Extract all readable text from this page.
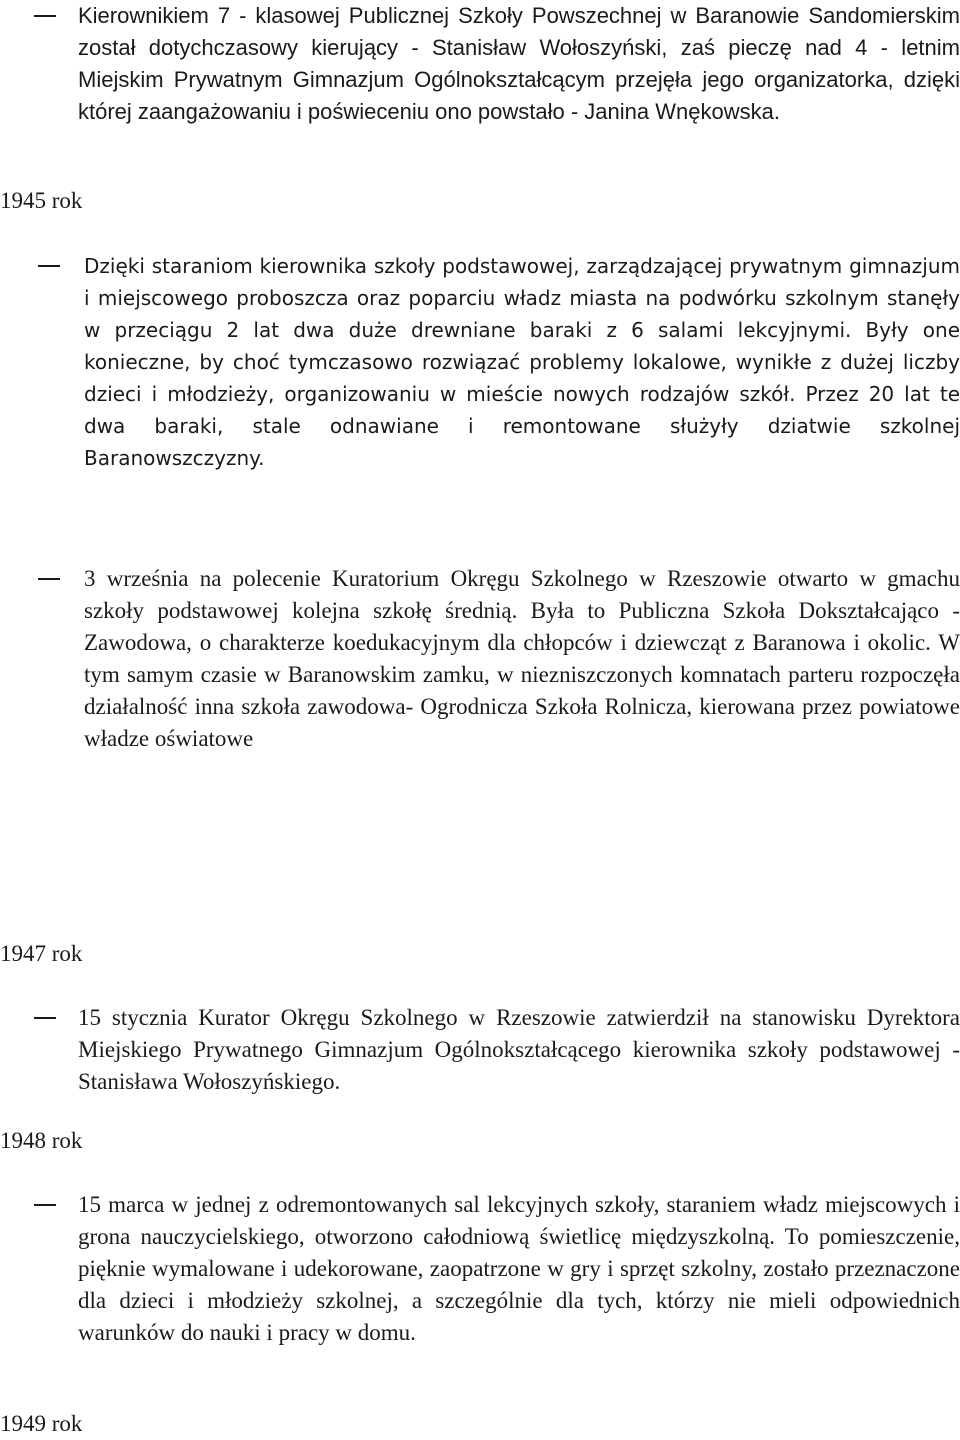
Kierownikiem 7 - klasowej Publicznej Szkoły Powszechnej w Baranowie Sandomierskim został dotychczasowy kierujący - Stanisław Wołoszyński, zaś pieczę nad 4 - letnim Miejskim Prywatnym Gimnazjum Ogólnokształcącym przejęła jego organizatorka, dzięki której zaangażowaniu i poświeceniu ono powstało - Janina Wnękowska.
1945 rok
Dzięki staraniom kierownika szkoły podstawowej, zarządzającej prywatnym gimnazjum i miejscowego proboszcza oraz poparciu władz miasta na podwórku szkolnym stanęły w przeciągu 2 lat dwa duże drewniane baraki z 6 salami lekcyjnymi. Były one konieczne, by choć tymczasowo rozwiązać problemy lokalowe, wynikłe z dużej liczby dzieci i młodzieży, organizowaniu w mieście nowych rodzajów szkół. Przez 20 lat te dwa baraki, stale odnawiane i remontowane służyły dziatwie szkolnej Baranowszczyzny.
3 września na polecenie Kuratorium Okręgu Szkolnego w Rzeszowie otwarto w gmachu szkoły podstawowej kolejna szkołę średnią. Była to Publiczna Szkoła Dokształcająco - Zawodowa, o charakterze koedukacyjnym dla chłopców i dziewcząt z Baranowa i okolic. W tym samym czasie w Baranowskim zamku, w niezniszczonych komnatach parteru rozpoczęła działalność inna szkoła zawodowa- Ogrodnicza Szkoła Rolnicza, kierowana przez powiatowe władze oświatowe
1947 rok
15 stycznia Kurator Okręgu Szkolnego w Rzeszowie zatwierdził na stanowisku Dyrektora Miejskiego Prywatnego Gimnazjum Ogólnokształcącego kierownika szkoły podstawowej - Stanisława Wołoszyńskiego.
1948 rok
15 marca w jednej z odremontowanych sal lekcyjnych szkoły, staraniem władz miejscowych i grona nauczycielskiego, otworzono całodniową świetlicę międzyszkolną. To pomieszczenie, pięknie wymalowane i udekorowane, zaopatrzone w gry i sprzęt szkolny, zostało przeznaczone dla dzieci i młodzieży szkolnej, a szczególnie dla tych, którzy nie mieli odpowiednich warunków do nauki i pracy w domu.
1949 rok
